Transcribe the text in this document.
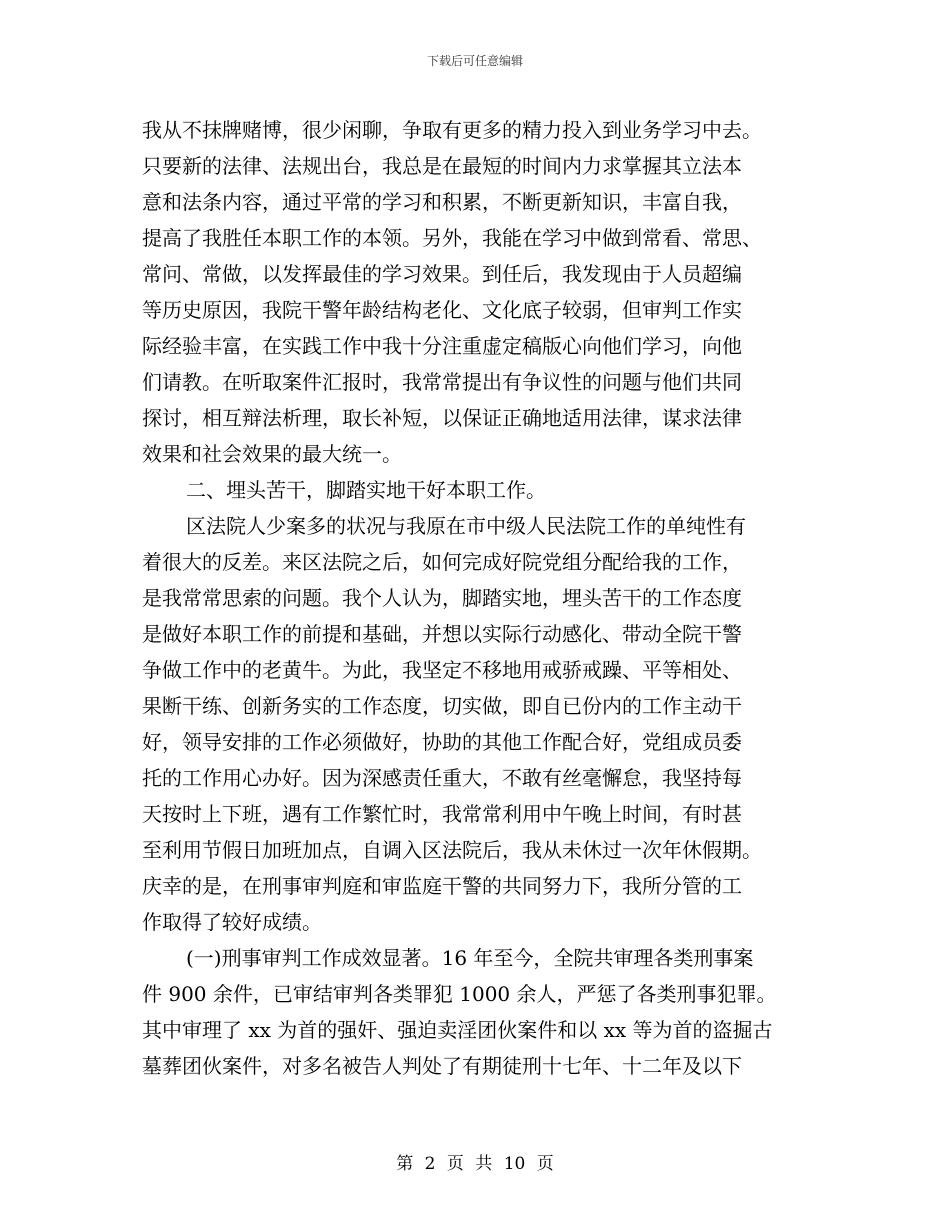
下载后可任意编辑
我从不抹牌赌博，很少闲聊，争取有更多的精力投入到业务学习中去。
只要新的法律、法规出台，我总是在最短的时间内力求掌握其立法本
意和法条内容，通过平常的学习和积累，不断更新知识，丰富自我，
提高了我胜任本职工作的本领。另外，我能在学习中做到常看、常思、
常问、常做，以发挥最佳的学习效果。到任后，我发现由于人员超编
等历史原因，我院干警年龄结构老化、文化底子较弱，但审判工作实
际经验丰富，在实践工作中我十分注重虚定稿版心向他们学习，向他
们请教。在听取案件汇报时，我常常提出有争议性的问题与他们共同
探讨，相互辩法析理，取长补短，以保证正确地适用法律，谋求法律
效果和社会效果的最大统一。
二、埋头苦干，脚踏实地干好本职工作。
区法院人少案多的状况与我原在市中级人民法院工作的单纯性有
着很大的反差。来区法院之后，如何完成好院党组分配给我的工作，
是我常常思索的问题。我个人认为，脚踏实地，埋头苦干的工作态度
是做好本职工作的前提和基础，并想以实际行动感化、带动全院干警
争做工作中的老黄牛。为此，我坚定不移地用戒骄戒躁、平等相处、
果断干练、创新务实的工作态度，切实做，即自已份内的工作主动干
好，领导安排的工作必须做好，协助的其他工作配合好，党组成员委
托的工作用心办好。因为深感责任重大，不敢有丝毫懈怠，我坚持每
天按时上下班，遇有工作繁忙时，我常常利用中午晚上时间，有时甚
至利用节假日加班加点，自调入区法院后，我从未休过一次年休假期。
庆幸的是，在刑事审判庭和审监庭干警的共同努力下，我所分管的工
作取得了较好成绩。
(一)刑事审判工作成效显著。16 年至今，全院共审理各类刑事案
件 900 余件，已审结审判各类罪犯 1000 余人，严惩了各类刑事犯罪。
其中审理了 xx 为首的强奸、强迫卖淫团伙案件和以 xx 等为首的盗掘古
墓葬团伙案件，对多名被告人判处了有期徒刑十七年、十二年及以下
第 2 页 共 10 页
